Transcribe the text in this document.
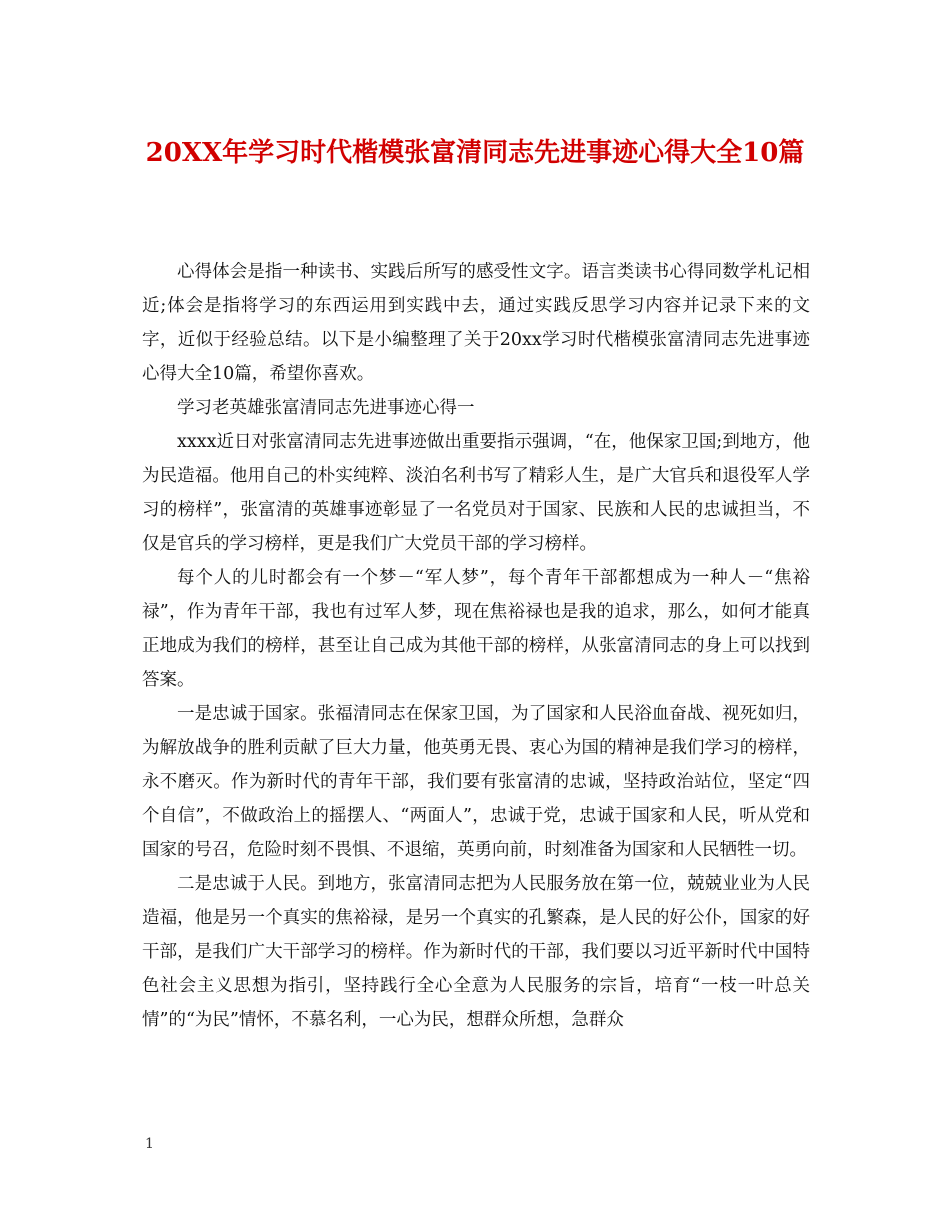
20XX年学习时代楷模张富清同志先进事迹心得大全10篇

心得体会是指一种读书、实践后所写的感受性文字。语言类读书心得同数学札记相近;体会是指将学习的东西运用到实践中去，通过实践反思学习内容并记录下来的文字，近似于经验总结。以下是小编整理了关于20xx学习时代楷模张富清同志先进事迹心得大全10篇，希望你喜欢。

学习老英雄张富清同志先进事迹心得一

xxxx近日对张富清同志先进事迹做出重要指示强调，“在，他保家卫国;到地方，他为民造福。他用自己的朴实纯粹、淡泊名利书写了精彩人生，是广大官兵和退役军人学习的榜样”，张富清的英雄事迹彰显了一名党员对于国家、民族和人民的忠诚担当，不仅是官兵的学习榜样，更是我们广大党员干部的学习榜样。

每个人的儿时都会有一个梦－“军人梦”，每个青年干部都想成为一种人－“焦裕禄”，作为青年干部，我也有过军人梦，现在焦裕禄也是我的追求，那么，如何才能真正地成为我们的榜样，甚至让自己成为其他干部的榜样，从张富清同志的身上可以找到答案。

一是忠诚于国家。张福清同志在保家卫国，为了国家和人民浴血奋战、视死如归，为解放战争的胜利贡献了巨大力量，他英勇无畏、衷心为国的精神是我们学习的榜样，永不磨灭。作为新时代的青年干部，我们要有张富清的忠诚，坚持政治站位，坚定“四个自信”，不做政治上的摇摆人、“两面人”，忠诚于党，忠诚于国家和人民，听从党和国家的号召，危险时刻不畏惧、不退缩，英勇向前，时刻准备为国家和人民牺牲一切。

二是忠诚于人民。到地方，张富清同志把为人民服务放在第一位，兢兢业业为人民造福，他是另一个真实的焦裕禄，是另一个真实的孔繁森，是人民的好公仆，国家的好干部，是我们广大干部学习的榜样。作为新时代的干部，我们要以习近平新时代中国特色社会主义思想为指引，坚持践行全心全意为人民服务的宗旨，培育“一枝一叶总关情”的“为民”情怀，不慕名利，一心为民，想群众所想，急群众

1
